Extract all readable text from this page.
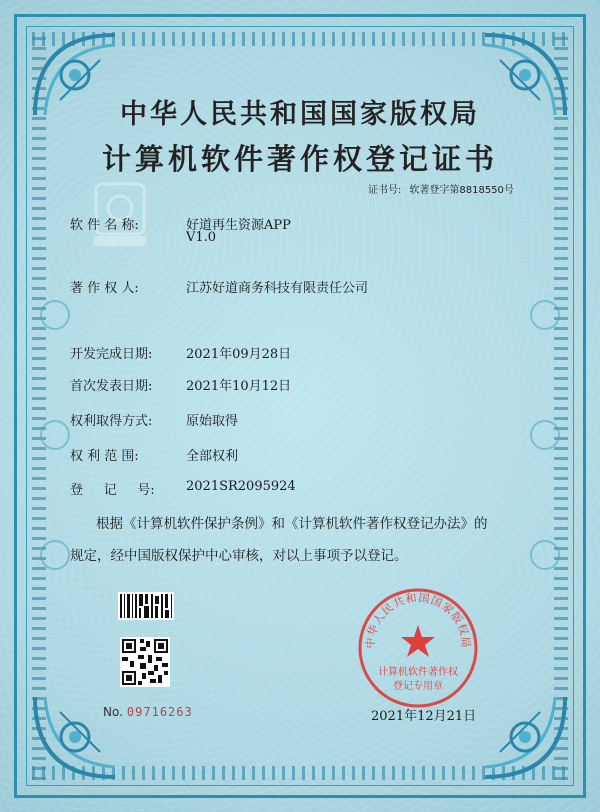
中华人民共和国国家版权局
计算机软件著作权登记证书
证书号: 软著登字第8818550号
软 件 名 称:	好道再生资源APP
V1.0
著 作 权 人:	江苏好道商务科技有限责任公司
开发完成日期:	2021年09月28日
首次发表日期:	2021年10月12日
权利取得方式:	原始取得
权 利 范 围:	全部权利
登     记     号: 2021SR2095924
根据《计算机软件保护条例》和《计算机软件著作权登记办法》的
规定，经中国版权保护中心审核，对以上事项予以登记。
No. 09716263
中华人民共和国国家版权局
计算机软件著作权
登记专用章
2021年12月21日
